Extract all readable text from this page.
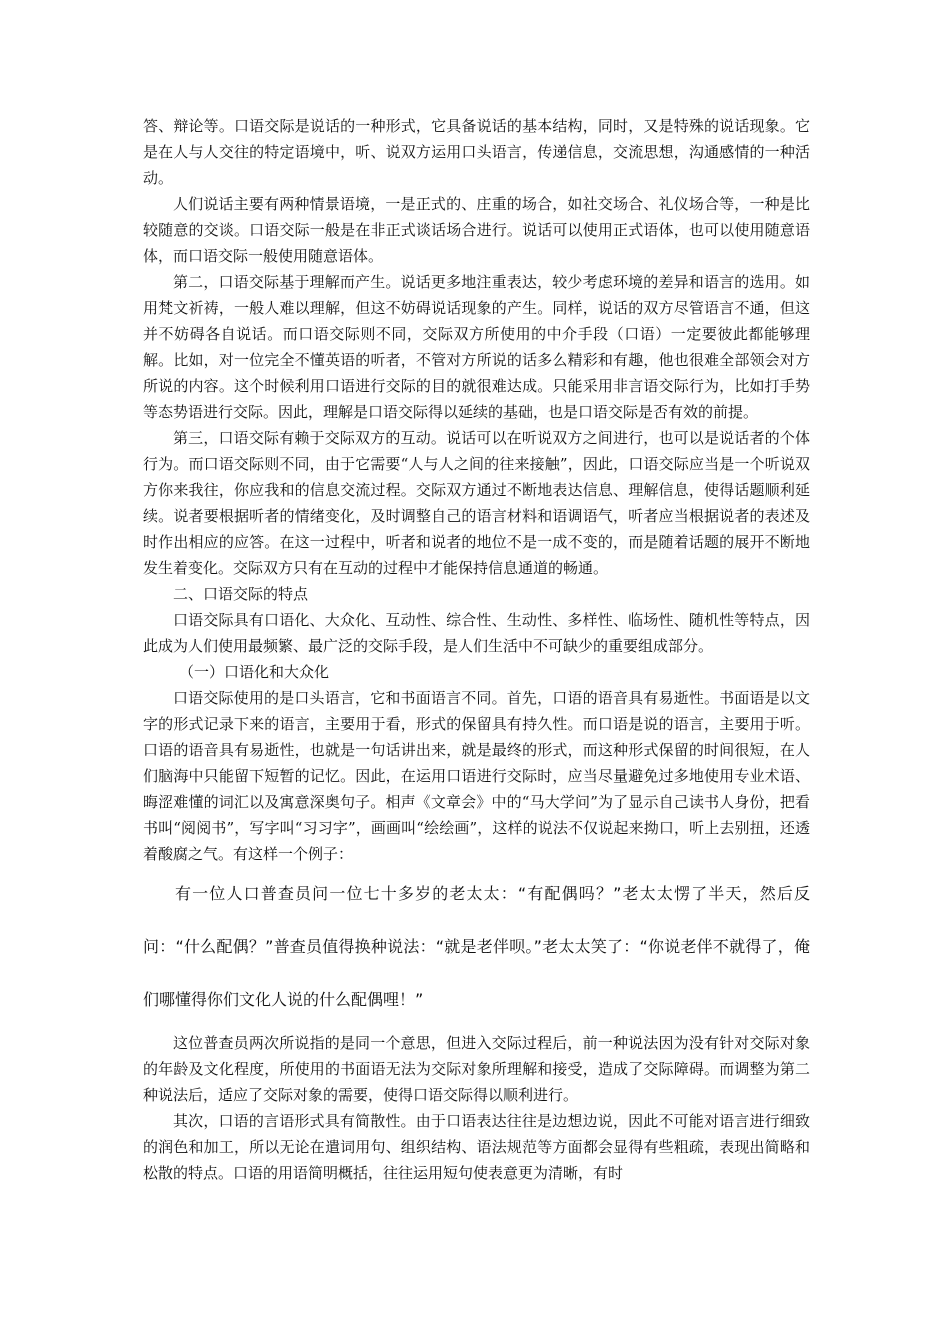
答、辩论等。口语交际是说话的一种形式，它具备说话的基本结构，同时，又是特殊的说话现象。它是在人与人交往的特定语境中，听、说双方运用口头语言，传递信息，交流思想，沟通感情的一种活动。

人们说话主要有两种情景语境，一是正式的、庄重的场合，如社交场合、礼仪场合等，一种是比较随意的交谈。口语交际一般是在非正式谈话场合进行。说话可以使用正式语体，也可以使用随意语体，而口语交际一般使用随意语体。

第二，口语交际基于理解而产生。说话更多地注重表达，较少考虑环境的差异和语言的选用。如用梵文祈祷，一般人难以理解，但这不妨碍说话现象的产生。同样，说话的双方尽管语言不通，但这并不妨碍各自说话。而口语交际则不同，交际双方所使用的中介手段（口语）一定要彼此都能够理解。比如，对一位完全不懂英语的听者，不管对方所说的话多么精彩和有趣，他也很难全部领会对方所说的内容。这个时候利用口语进行交际的目的就很难达成。只能采用非言语交际行为，比如打手势等态势语进行交际。因此，理解是口语交际得以延续的基础，也是口语交际是否有效的前提。

第三，口语交际有赖于交际双方的互动。说话可以在听说双方之间进行，也可以是说话者的个体行为。而口语交际则不同，由于它需要“人与人之间的往来接触”，因此，口语交际应当是一个听说双方你来我往，你应我和的信息交流过程。交际双方通过不断地表达信息、理解信息，使得话题顺利延续。说者要根据听者的情绪变化，及时调整自己的语言材料和语调语气，听者应当根据说者的表述及时作出相应的应答。在这一过程中，听者和说者的地位不是一成不变的，而是随着话题的展开不断地发生着变化。交际双方只有在互动的过程中才能保持信息通道的畅通。

二、口语交际的特点

口语交际具有口语化、大众化、互动性、综合性、生动性、多样性、临场性、随机性等特点，因此成为人们使用最频繁、最广泛的交际手段，是人们生活中不可缺少的重要组成部分。

（一）口语化和大众化

口语交际使用的是口头语言，它和书面语言不同。首先，口语的语音具有易逝性。书面语是以文字的形式记录下来的语言，主要用于看，形式的保留具有持久性。而口语是说的语言，主要用于听。口语的语音具有易逝性，也就是一句话讲出来，就是最终的形式，而这种形式保留的时间很短，在人们脑海中只能留下短暂的记忆。因此，在运用口语进行交际时，应当尽量避免过多地使用专业术语、晦涩难懂的词汇以及寓意深奥句子。相声《文章会》中的“马大学问”为了显示自己读书人身份，把看书叫“阅阅书”，写字叫“习习字”，画画叫“绘绘画”，这样的说法不仅说起来拗口，听上去别扭，还透着酸腐之气。有这样一个例子：

有一位人口普查员问一位七十多岁的老太太：“有配偶吗？”老太太愣了半天，然后反问：“什么配偶？”普查员值得换种说法：“就是老伴呗。”老太太笑了：“你说老伴不就得了，俺们哪懂得你们文化人说的什么配偶哩！”

这位普查员两次所说指的是同一个意思，但进入交际过程后，前一种说法因为没有针对交际对象的年龄及文化程度，所使用的书面语无法为交际对象所理解和接受，造成了交际障碍。而调整为第二种说法后，适应了交际对象的需要，使得口语交际得以顺利进行。

其次，口语的言语形式具有简散性。由于口语表达往往是边想边说，因此不可能对语言进行细致的润色和加工，所以无论在遣词用句、组织结构、语法规范等方面都会显得有些粗疏，表现出简略和松散的特点。口语的用语简明概括，往往运用短句使表意更为清晰，有时
